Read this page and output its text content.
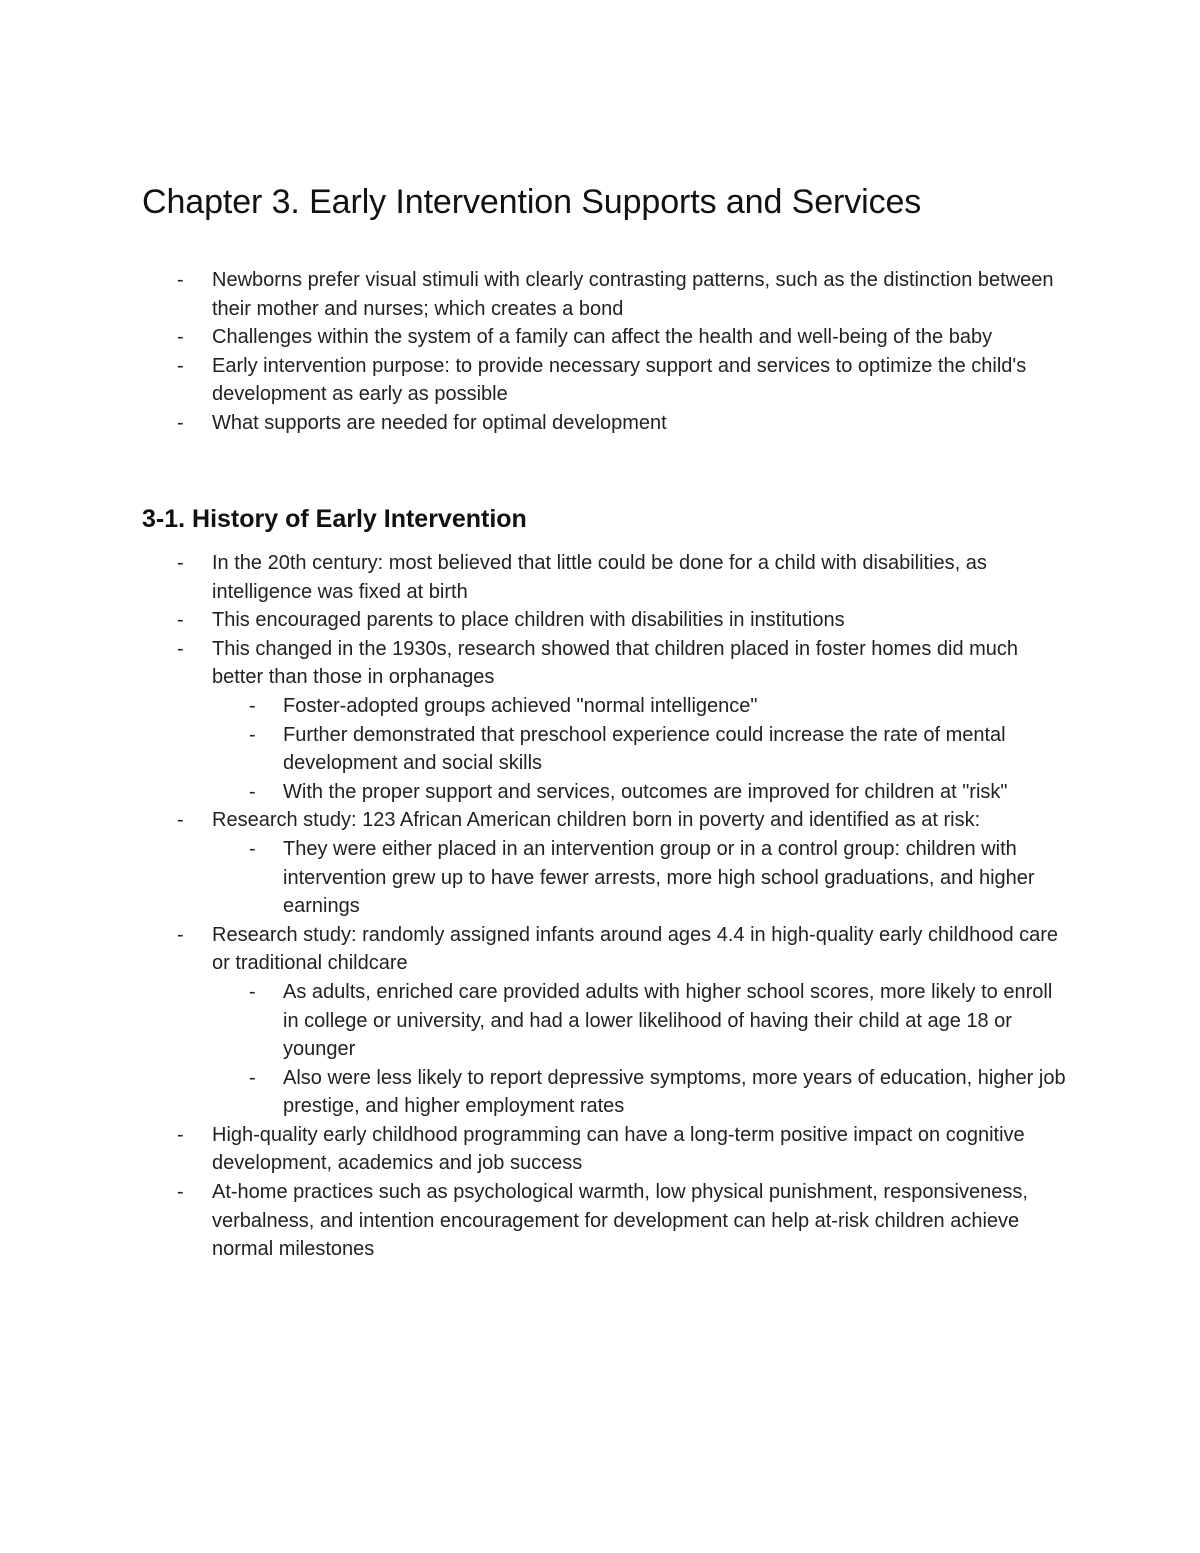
Chapter 3. Early Intervention Supports and Services
- Newborns prefer visual stimuli with clearly contrasting patterns, such as the distinction between their mother and nurses; which creates a bond
- Challenges within the system of a family can affect the health and well-being of the baby
- Early intervention purpose: to provide necessary support and services to optimize the child's development as early as possible
- What supports are needed for optimal development
3-1. History of Early Intervention
- In the 20th century: most believed that little could be done for a child with disabilities, as intelligence was fixed at birth
- This encouraged parents to place children with disabilities in institutions
- This changed in the 1930s, research showed that children placed in foster homes did much better than those in orphanages
- Foster-adopted groups achieved "normal intelligence"
- Further demonstrated that preschool experience could increase the rate of mental development and social skills
- With the proper support and services, outcomes are improved for children at "risk"
- Research study: 123 African American children born in poverty and identified as at risk:
- They were either placed in an intervention group or in a control group: children with intervention grew up to have fewer arrests, more high school graduations, and higher earnings
- Research study: randomly assigned infants around ages 4.4 in high-quality early childhood care or traditional childcare
- As adults, enriched care provided adults with higher school scores, more likely to enroll in college or university, and had a lower likelihood of having their child at age 18 or younger
- Also were less likely to report depressive symptoms, more years of education, higher job prestige, and higher employment rates
- High-quality early childhood programming can have a long-term positive impact on cognitive development, academics and job success
- At-home practices such as psychological warmth, low physical punishment, responsiveness, verbalness, and intention encouragement for development can help at-risk children achieve normal milestones
